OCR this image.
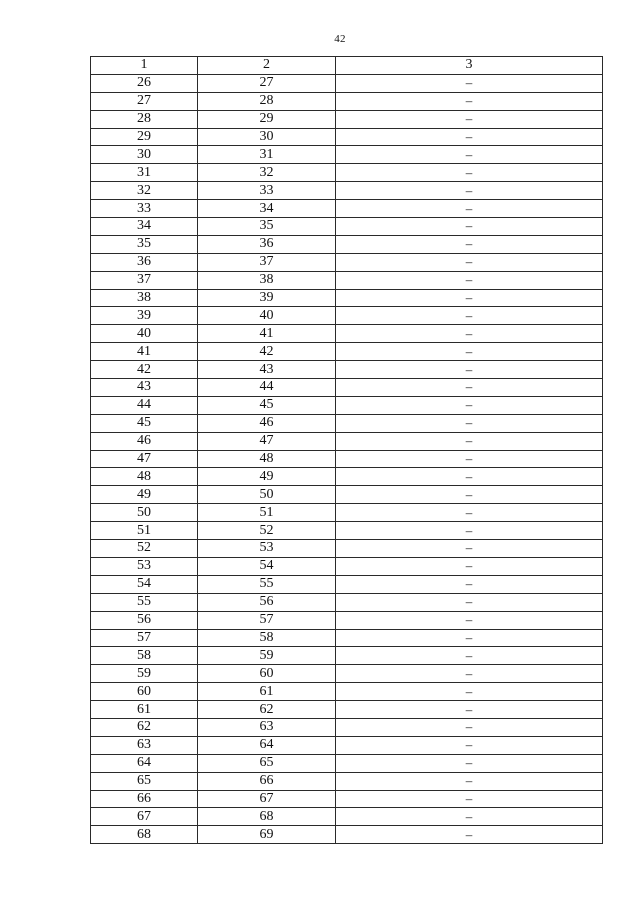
42
1	2	3
26	27	–
27	28	–
28	29	–
29	30	–
30	31	–
31	32	–
32	33	–
33	34	–
34	35	–
35	36	–
36	37	–
37	38	–
38	39	–
39	40	–
40	41	–
41	42	–
42	43	–
43	44	–
44	45	–
45	46	–
46	47	–
47	48	–
48	49	–
49	50	–
50	51	–
51	52	–
52	53	–
53	54	–
54	55	–
55	56	–
56	57	–
57	58	–
58	59	–
59	60	–
60	61	–
61	62	–
62	63	–
63	64	–
64	65	–
65	66	–
66	67	–
67	68	–
68	69	–
